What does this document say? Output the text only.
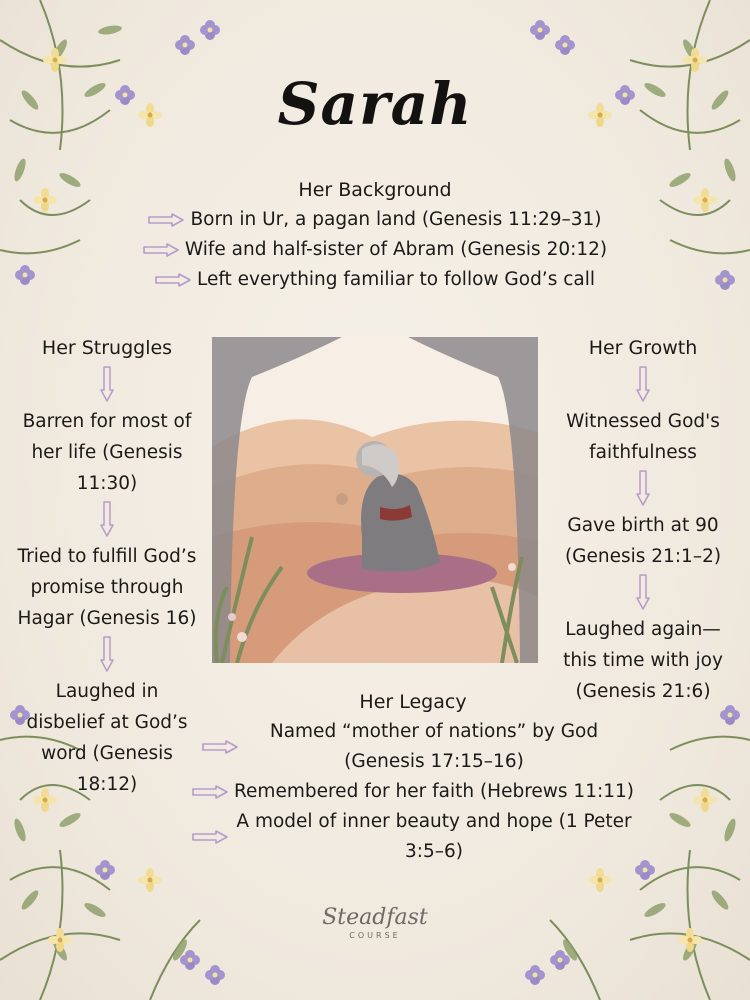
Sarah
Her Background
Born in Ur, a pagan land (Genesis 11:29–31)
Wife and half-sister of Abram (Genesis 20:12)
Left everything familiar to follow God’s call
Her Struggles
Barren for most of her life (Genesis 11:30)
Tried to fulfill God’s promise through Hagar (Genesis 16)
Laughed in disbelief at God’s word (Genesis 18:12)
Her Growth
Witnessed God's faithfulness
Gave birth at 90 (Genesis 21:1–2)
Laughed again—this time with joy (Genesis 21:6)
Her Legacy
Named “mother of nations” by God (Genesis 17:15–16)
Remembered for her faith (Hebrews 11:11)
A model of inner beauty and hope (1 Peter 3:5–6)
Steadfast
COURSE
